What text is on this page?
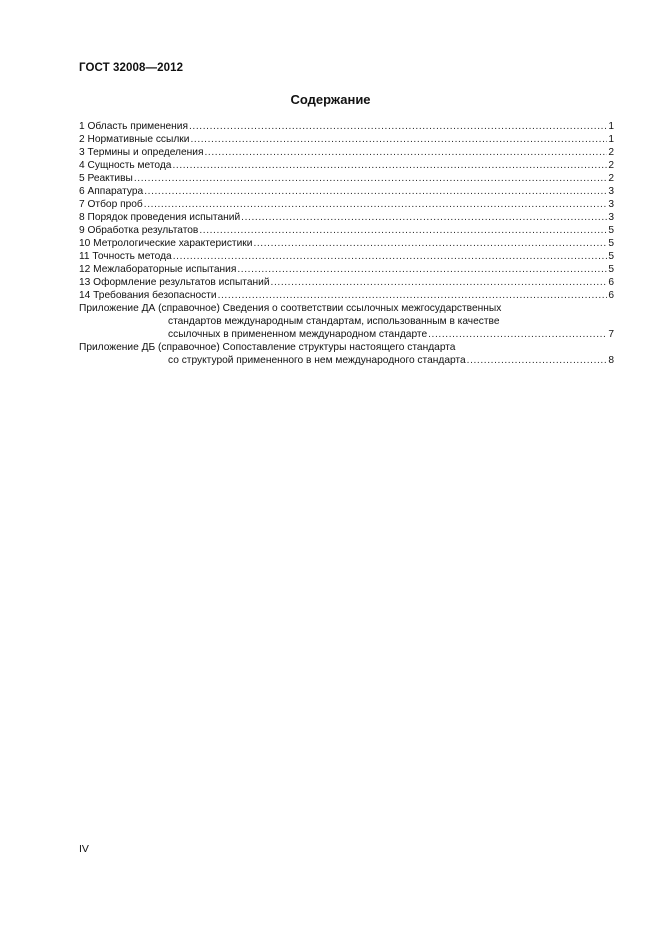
ГОСТ 32008—2012
Содержание
1 Область применения .....	1
2 Нормативные ссылки .....	1
3 Термины и определения .....	2
4 Сущность метода .....	2
5 Реактивы .....	2
6 Аппаратура .....	3
7 Отбор проб .....	3
8 Порядок проведения испытаний .....	3
9 Обработка результатов .....	5
10 Метрологические характеристики .....	5
11 Точность метода .....	5
12 Межлабораторные испытания .....	5
13 Оформление результатов испытаний .....	6
14 Требования безопасности .....	6
Приложение ДА (справочное) Сведения о соответствии ссылочных межгосударственных
стандартов международным стандартам, использованным в качестве
ссылочных в примененном международном стандарте .....	7
Приложение ДБ (справочное) Сопоставление структуры настоящего стандарта
со структурой примененного в нем международного стандарта .....	8
IV
